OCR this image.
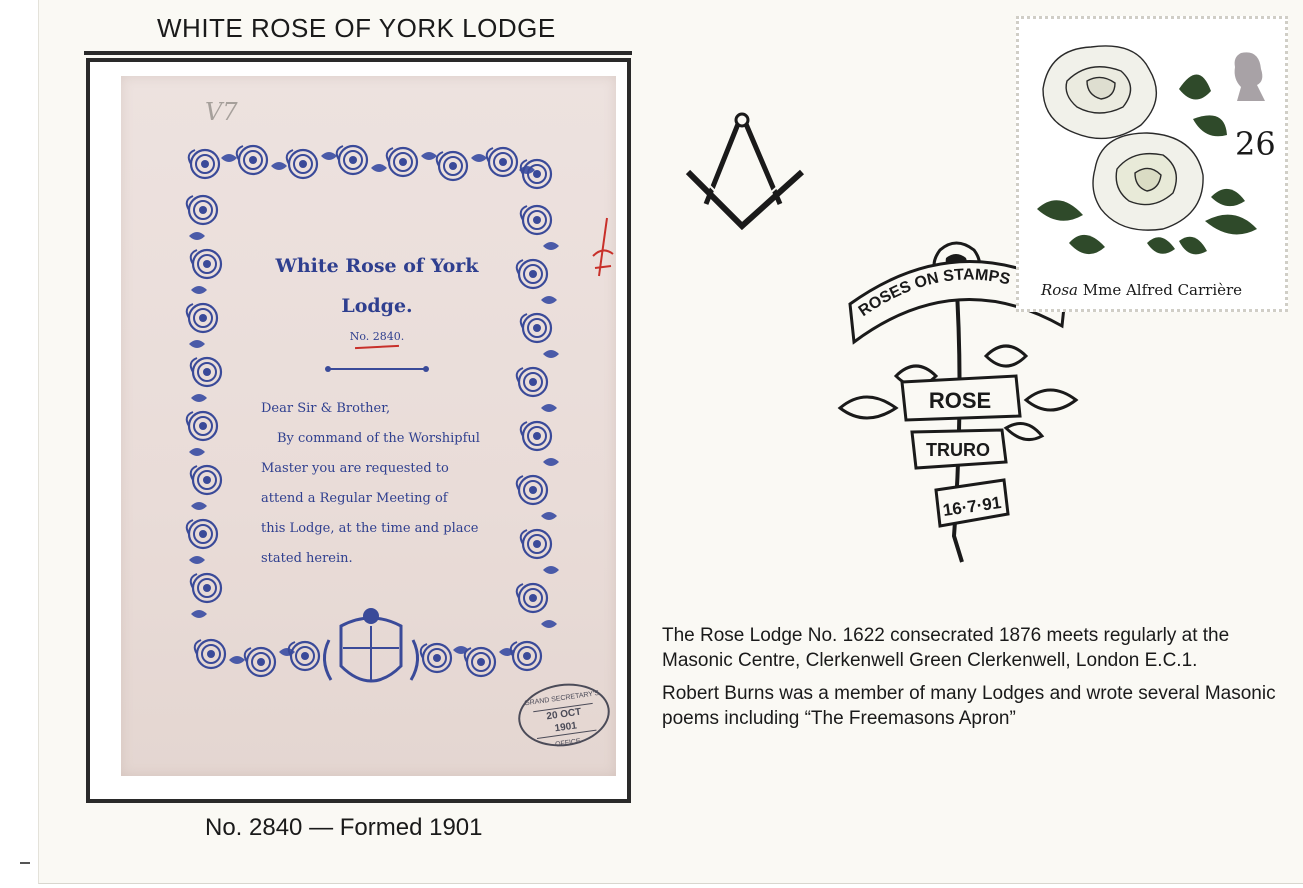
WHITE ROSE OF YORK LODGE
V7
White Rose of York
Lodge.
No. 2840.
Dear Sir & Brother,
By command of the Worshipful
Master you are requested to
attend a Regular Meeting of
this Lodge, at the time and place
stated herein.
GRAND SECRETARY'S
20 OCT 1901
OFFICE
No. 2840 — Formed 1901
ROSES ON STAMPS
ROSE
TRURO
16·7·91
26
Rosa Mme Alfred Carrière

The Rose Lodge No. 1622 consecrated 1876 meets regularly at the Masonic Centre, Clerkenwell Green Clerkenwell, London E.C.1.

Robert Burns was a member of many Lodges and wrote several Masonic poems including “The Freemasons Apron”
